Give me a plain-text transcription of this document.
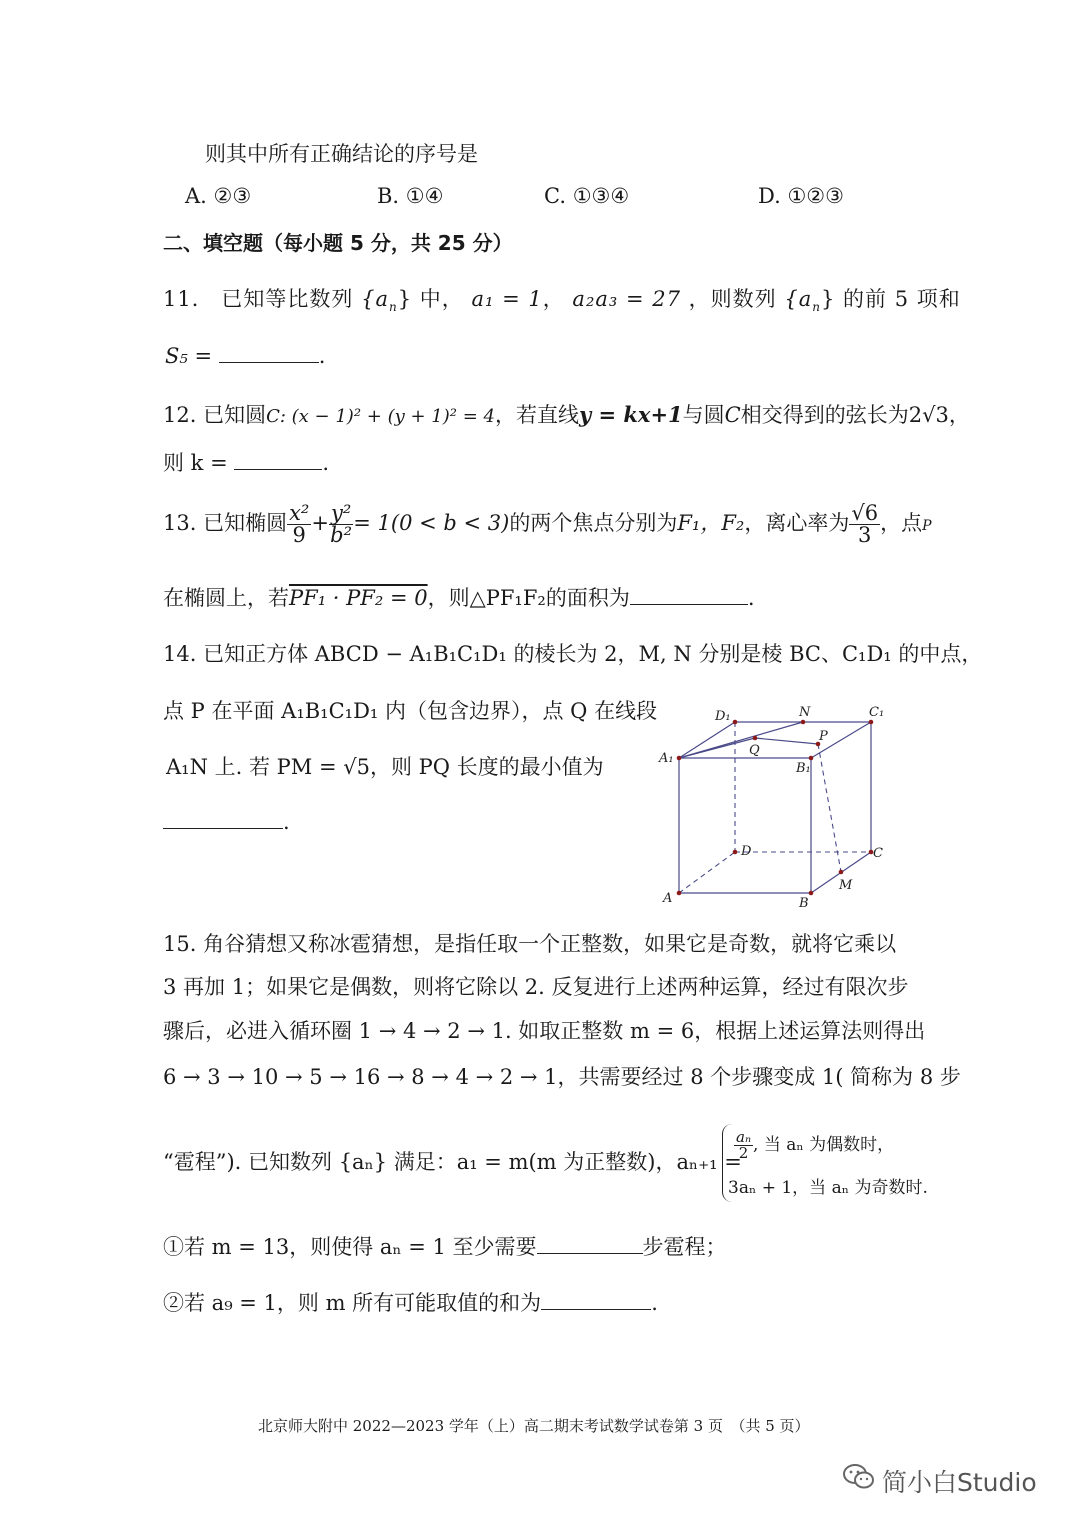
则其中所有正确结论的序号是
A. ②③	B. ①④	C. ①③④	D. ①②③
二、填空题（每小题 5 分，共 25 分）
11． 已知等比数列 $\{a_n\}$ 中， a₁ = 1， a₂a₃ = 27 ，则数列 $\{a_n\}$ 的前 5 项和
S₅ =	.
12. 已知圆C: (x − 1)² + (y + 1)² = 4，若直线y = kx+1与圆C相交得到的弦长为2√3，
则 k =	.
13. 已知椭圆 $\frac{\text{x²}}{9} + \frac{\text{y²}}{\text{b²}} = 1(0 < b < 3)$的两个焦点分别为F₁，F₂，离心率为 $\frac{√6}{3}$ ，点P
在椭圆上，若PF₁ · PF₂ = 0，则△PF₁F₂的面积为	.
14. 已知正方体 ABCD − A₁B₁C₁D₁ 的棱长为 2，M, N 分别是棱 BC、C₁D₁ 的中点，
点 P 在平面 A₁B₁C₁D₁ 内（包含边界），点 Q 在线段
A₁N 上. 若 PM = √5，则 PQ 长度的最小值为
.
D₁	N	C₁
Q
P
A₁
B₁
D	C
M
A	B
15. 角谷猜想又称冰雹猜想，是指任取一个正整数，如果它是奇数，就将它乘以
3 再加 1；如果它是偶数，则将它除以 2. 反复进行上述两种运算，经过有限次步
骤后，必进入循环圈 1 → 4 → 2 → 1. 如取正整数 m = 6，根据上述运算法则得出
6 → 3 → 10 → 5 → 16 → 8 → 4 → 2 → 1，共需要经过 8 个步骤变成 1( 简称为 8 步
“雹程”). 已知数列 {aₙ} 满足：a₁ = m(m 为正整数)，aₙ₊₁ =
$\frac{\text{aₙ}}{2}$ , 当 aₙ 为偶数时，
3aₙ + 1，当 aₙ 为奇数时.
①若 m = 13，则使得 aₙ = 1 至少需要	步雹程；
②若 a₉ = 1，则 m 所有可能取值的和为	.
北京师大附中 2022—2023 学年（上）高二期末考试数学试卷第 3 页　（共 5 页）
简小白Studio
